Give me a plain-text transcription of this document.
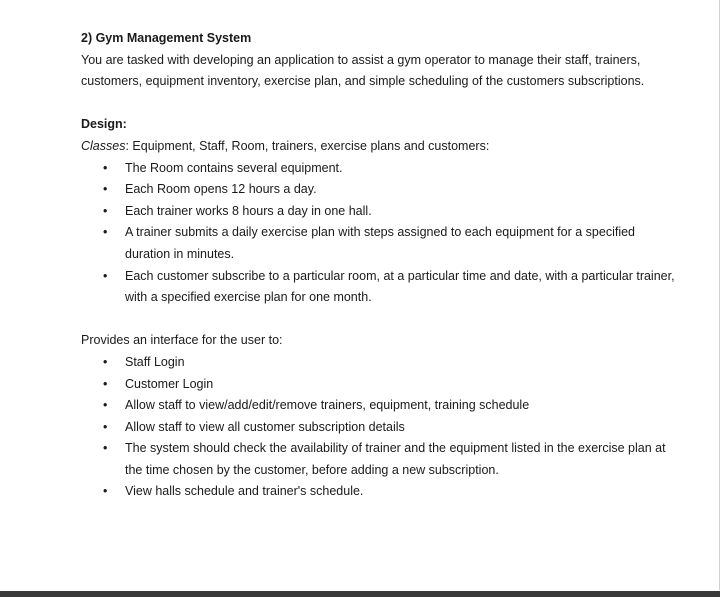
2) Gym Management System

You are tasked with developing an application to assist a gym operator to manage their staff, trainers, customers, equipment inventory, exercise plan, and simple scheduling of the customers subscriptions.

Design:

Classes: Equipment, Staff, Room, trainers, exercise plans and customers:

• The Room contains several equipment.
• Each Room opens 12 hours a day.
• Each trainer works 8 hours a day in one hall.
• A trainer submits a daily exercise plan with steps assigned to each equipment for a specified duration in minutes.
• Each customer subscribe to a particular room, at a particular time and date, with a particular trainer, with a specified exercise plan for one month.

Provides an interface for the user to:

• Staff Login
• Customer Login
• Allow staff to view/add/edit/remove trainers, equipment, training schedule
• Allow staff to view all customer subscription details
• The system should check the availability of trainer and the equipment listed in the exercise plan at the time chosen by the customer, before adding a new subscription.
• View halls schedule and trainer's schedule.
